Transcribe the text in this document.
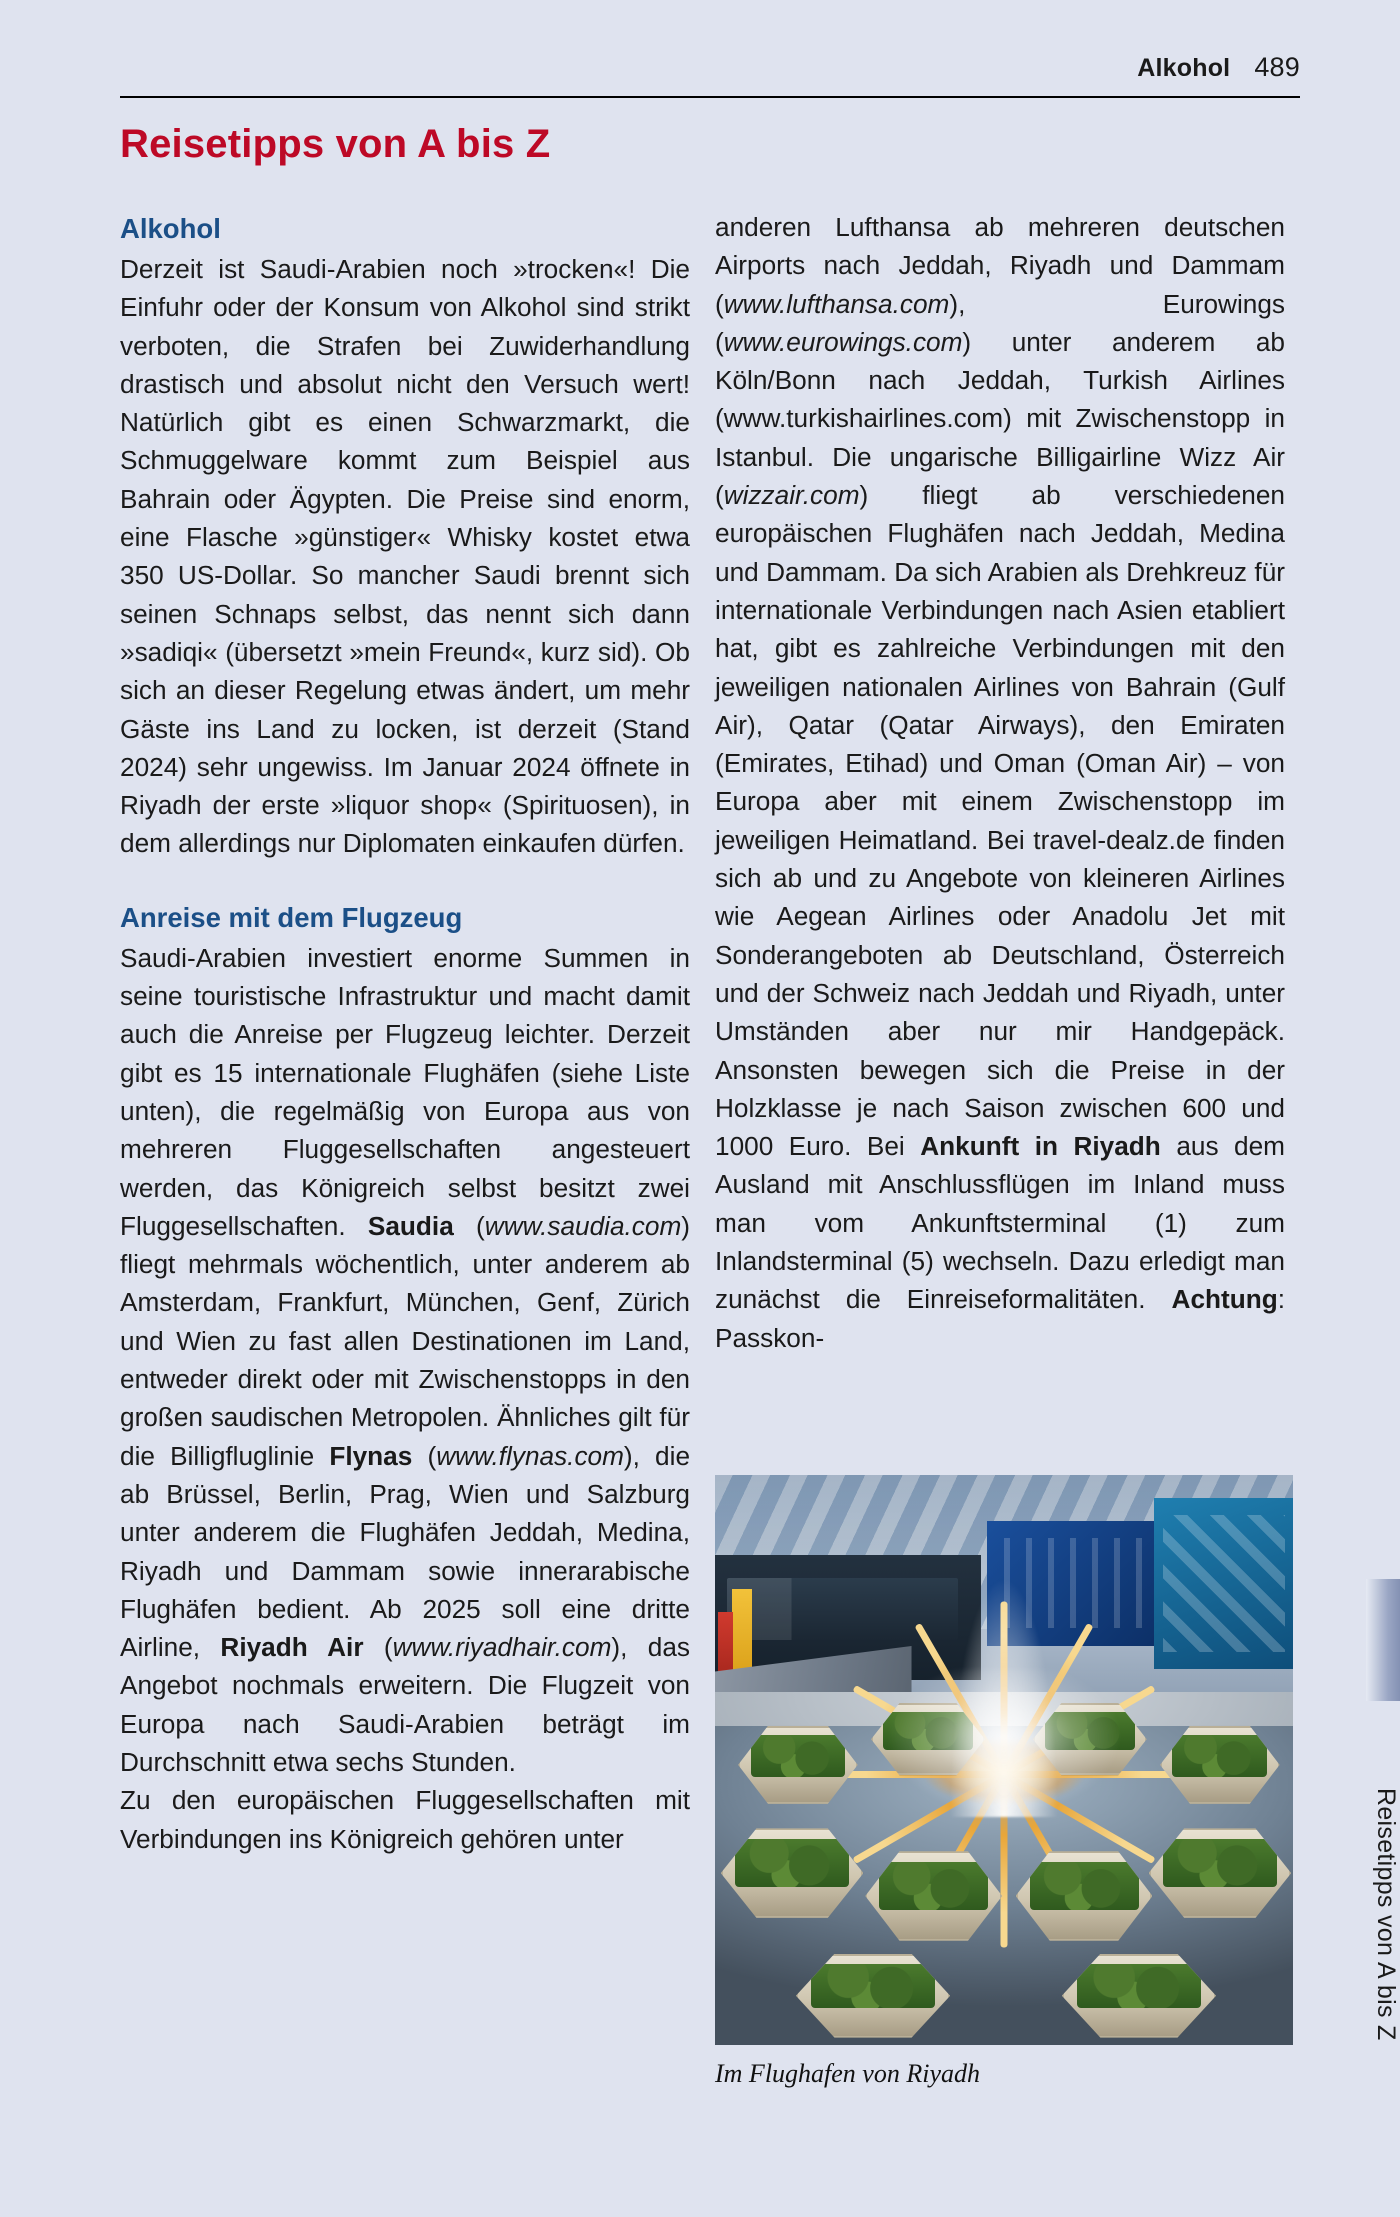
Alkohol 489
Reisetipps von A bis Z
Alkohol

Derzeit ist Saudi-Arabien noch »trocken«! Die Einfuhr oder der Konsum von Alkohol sind strikt verboten, die Strafen bei Zuwiderhandlung drastisch und absolut nicht den Versuch wert! Natürlich gibt es einen Schwarzmarkt, die Schmuggelware kommt zum Beispiel aus Bahrain oder Ägypten. Die Preise sind enorm, eine Flasche »günstiger« Whisky kostet etwa 350 US-Dollar. So mancher Saudi brennt sich seinen Schnaps selbst, das nennt sich dann »sadiqi« (übersetzt »mein Freund«, kurz sid). Ob sich an dieser Regelung etwas ändert, um mehr Gäste ins Land zu locken, ist derzeit (Stand 2024) sehr ungewiss. Im Januar 2024 öffnete in Riyadh der erste »liquor shop« (Spirituosen), in dem allerdings nur Diplomaten einkaufen dürfen.

Anreise mit dem Flugzeug

Saudi-Arabien investiert enorme Summen in seine touristische Infrastruktur und macht damit auch die Anreise per Flugzeug leichter. Derzeit gibt es 15 internationale Flughäfen (siehe Liste unten), die regelmäßig von Europa aus von mehreren Fluggesellschaften angesteuert werden, das Königreich selbst besitzt zwei Fluggesellschaften. Saudia (www.saudia.com) fliegt mehrmals wöchentlich, unter anderem ab Amsterdam, Frankfurt, München, Genf, Zürich und Wien zu fast allen Destinationen im Land, entweder direkt oder mit Zwischenstopps in den großen saudischen Metropolen. Ähnliches gilt für die Billigfluglinie Flynas (www.flynas.com), die ab Brüssel, Berlin, Prag, Wien und Salzburg unter anderem die Flughäfen Jeddah, Medina, Riyadh und Dammam sowie innerarabische Flughäfen bedient. Ab 2025 soll eine dritte Airline, Riyadh Air (www.riyadhair.com), das Angebot nochmals erweitern. Die Flugzeit von Europa nach Saudi-Arabien beträgt im Durchschnitt etwa sechs Stunden.

Zu den europäischen Fluggesellschaften mit Verbindungen ins Königreich gehören unter

anderen Lufthansa ab mehreren deutschen Airports nach Jeddah, Riyadh und Dammam (www.lufthansa.com), Eurowings (www.eurowings.com) unter anderem ab Köln/Bonn nach Jeddah, Turkish Airlines (www.turkishairlines.com) mit Zwischenstopp in Istanbul. Die ungarische Billigairline Wizz Air (wizzair.com) fliegt ab verschiedenen europäischen Flughäfen nach Jeddah, Medina und Dammam. Da sich Arabien als Drehkreuz für internationale Verbindungen nach Asien etabliert hat, gibt es zahlreiche Verbindungen mit den jeweiligen nationalen Airlines von Bahrain (Gulf Air), Qatar (Qatar Airways), den Emiraten (Emirates, Etihad) und Oman (Oman Air) – von Europa aber mit einem Zwischenstopp im jeweiligen Heimatland. Bei travel-dealz.de finden sich ab und zu Angebote von kleineren Airlines wie Aegean Airlines oder Anadolu Jet mit Sonderangeboten ab Deutschland, Österreich und der Schweiz nach Jeddah und Riyadh, unter Umständen aber nur mir Handgepäck. Ansonsten bewegen sich die Preise in der Holzklasse je nach Saison zwischen 600 und 1000 Euro. Bei Ankunft in Riyadh aus dem Ausland mit Anschlussflügen im Inland muss man vom Ankunftsterminal (1) zum Inlandsterminal (5) wechseln. Dazu erledigt man zunächst die Einreiseformalitäten. Achtung: Passkon-

Im Flughafen von Riyadh
Reisetipps von A bis Z
